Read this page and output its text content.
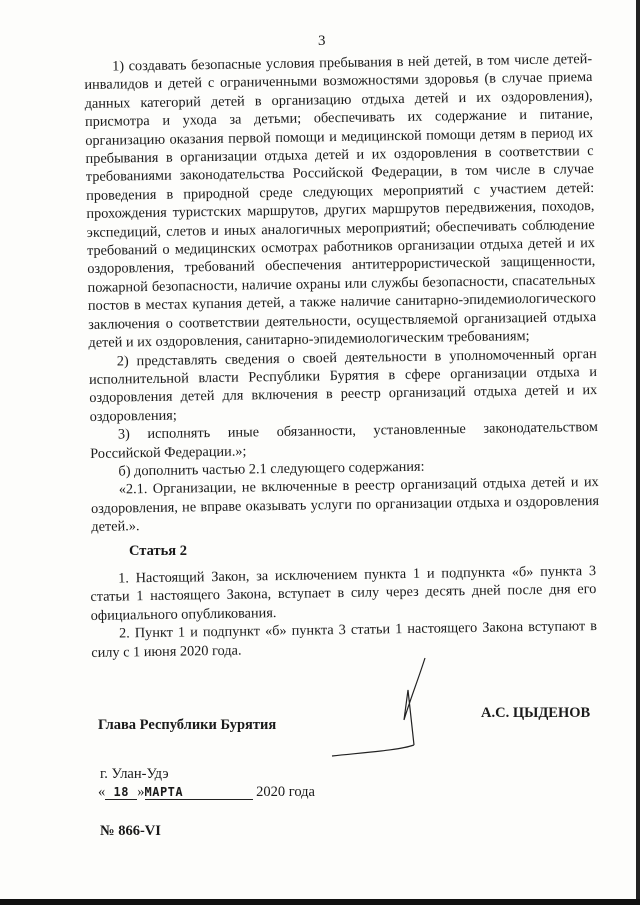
3

1) создавать безопасные условия пребывания в ней детей, в том числе детей-инвалидов и детей с ограниченными возможностями здоровья (в случае приема данных категорий детей в организацию отдыха детей и их оздоровления), присмотра и ухода за детьми; обеспечивать их содержание и питание, организацию оказания первой помощи и медицинской помощи детям в период их пребывания в организации отдыха детей и их оздоровления в соответствии с требованиями законодательства Российской Федерации, в том числе в случае проведения в природной среде следующих мероприятий с участием детей: прохождения туристских маршрутов, других маршрутов передвижения, походов, экспедиций, слетов и иных аналогичных мероприятий; обеспечивать соблюдение требований о медицинских осмотрах работников организации отдыха детей и их оздоровления, требований обеспечения антитеррористической защищенности, пожарной безопасности, наличие охраны или службы безопасности, спасательных постов в местах купания детей, а также наличие санитарно-эпидемиологического заключения о соответствии деятельности, осуществляемой организацией отдыха детей и их оздоровления, санитарно-эпидемиологическим требованиям;

2) представлять сведения о своей деятельности в уполномоченный орган исполнительной власти Республики Бурятия в сфере организации отдыха и оздоровления детей для включения в реестр организаций отдыха детей и их оздоровления;

3) исполнять иные обязанности, установленные законодательством Российской Федерации.»;

б) дополнить частью 2.1 следующего содержания:

«2.1. Организации, не включенные в реестр организаций отдыха детей и их оздоровления, не вправе оказывать услуги по организации отдыха и оздоровления детей.».

Статья 2

1. Настоящий Закон, за исключением пункта 1 и подпункта «б» пункта 3 статьи 1 настоящего Закона, вступает в силу через десять дней после дня его официального опубликования.

2. Пункт 1 и подпункт «б» пункта 3 статьи 1 настоящего Закона вступают в силу с 1 июня 2020 года.

Глава Республики Бурятия
А.С. ЦЫДЕНОВ
г. Улан-Удэ
« 18 »МАРТА	2020 года
№ 866-VI
